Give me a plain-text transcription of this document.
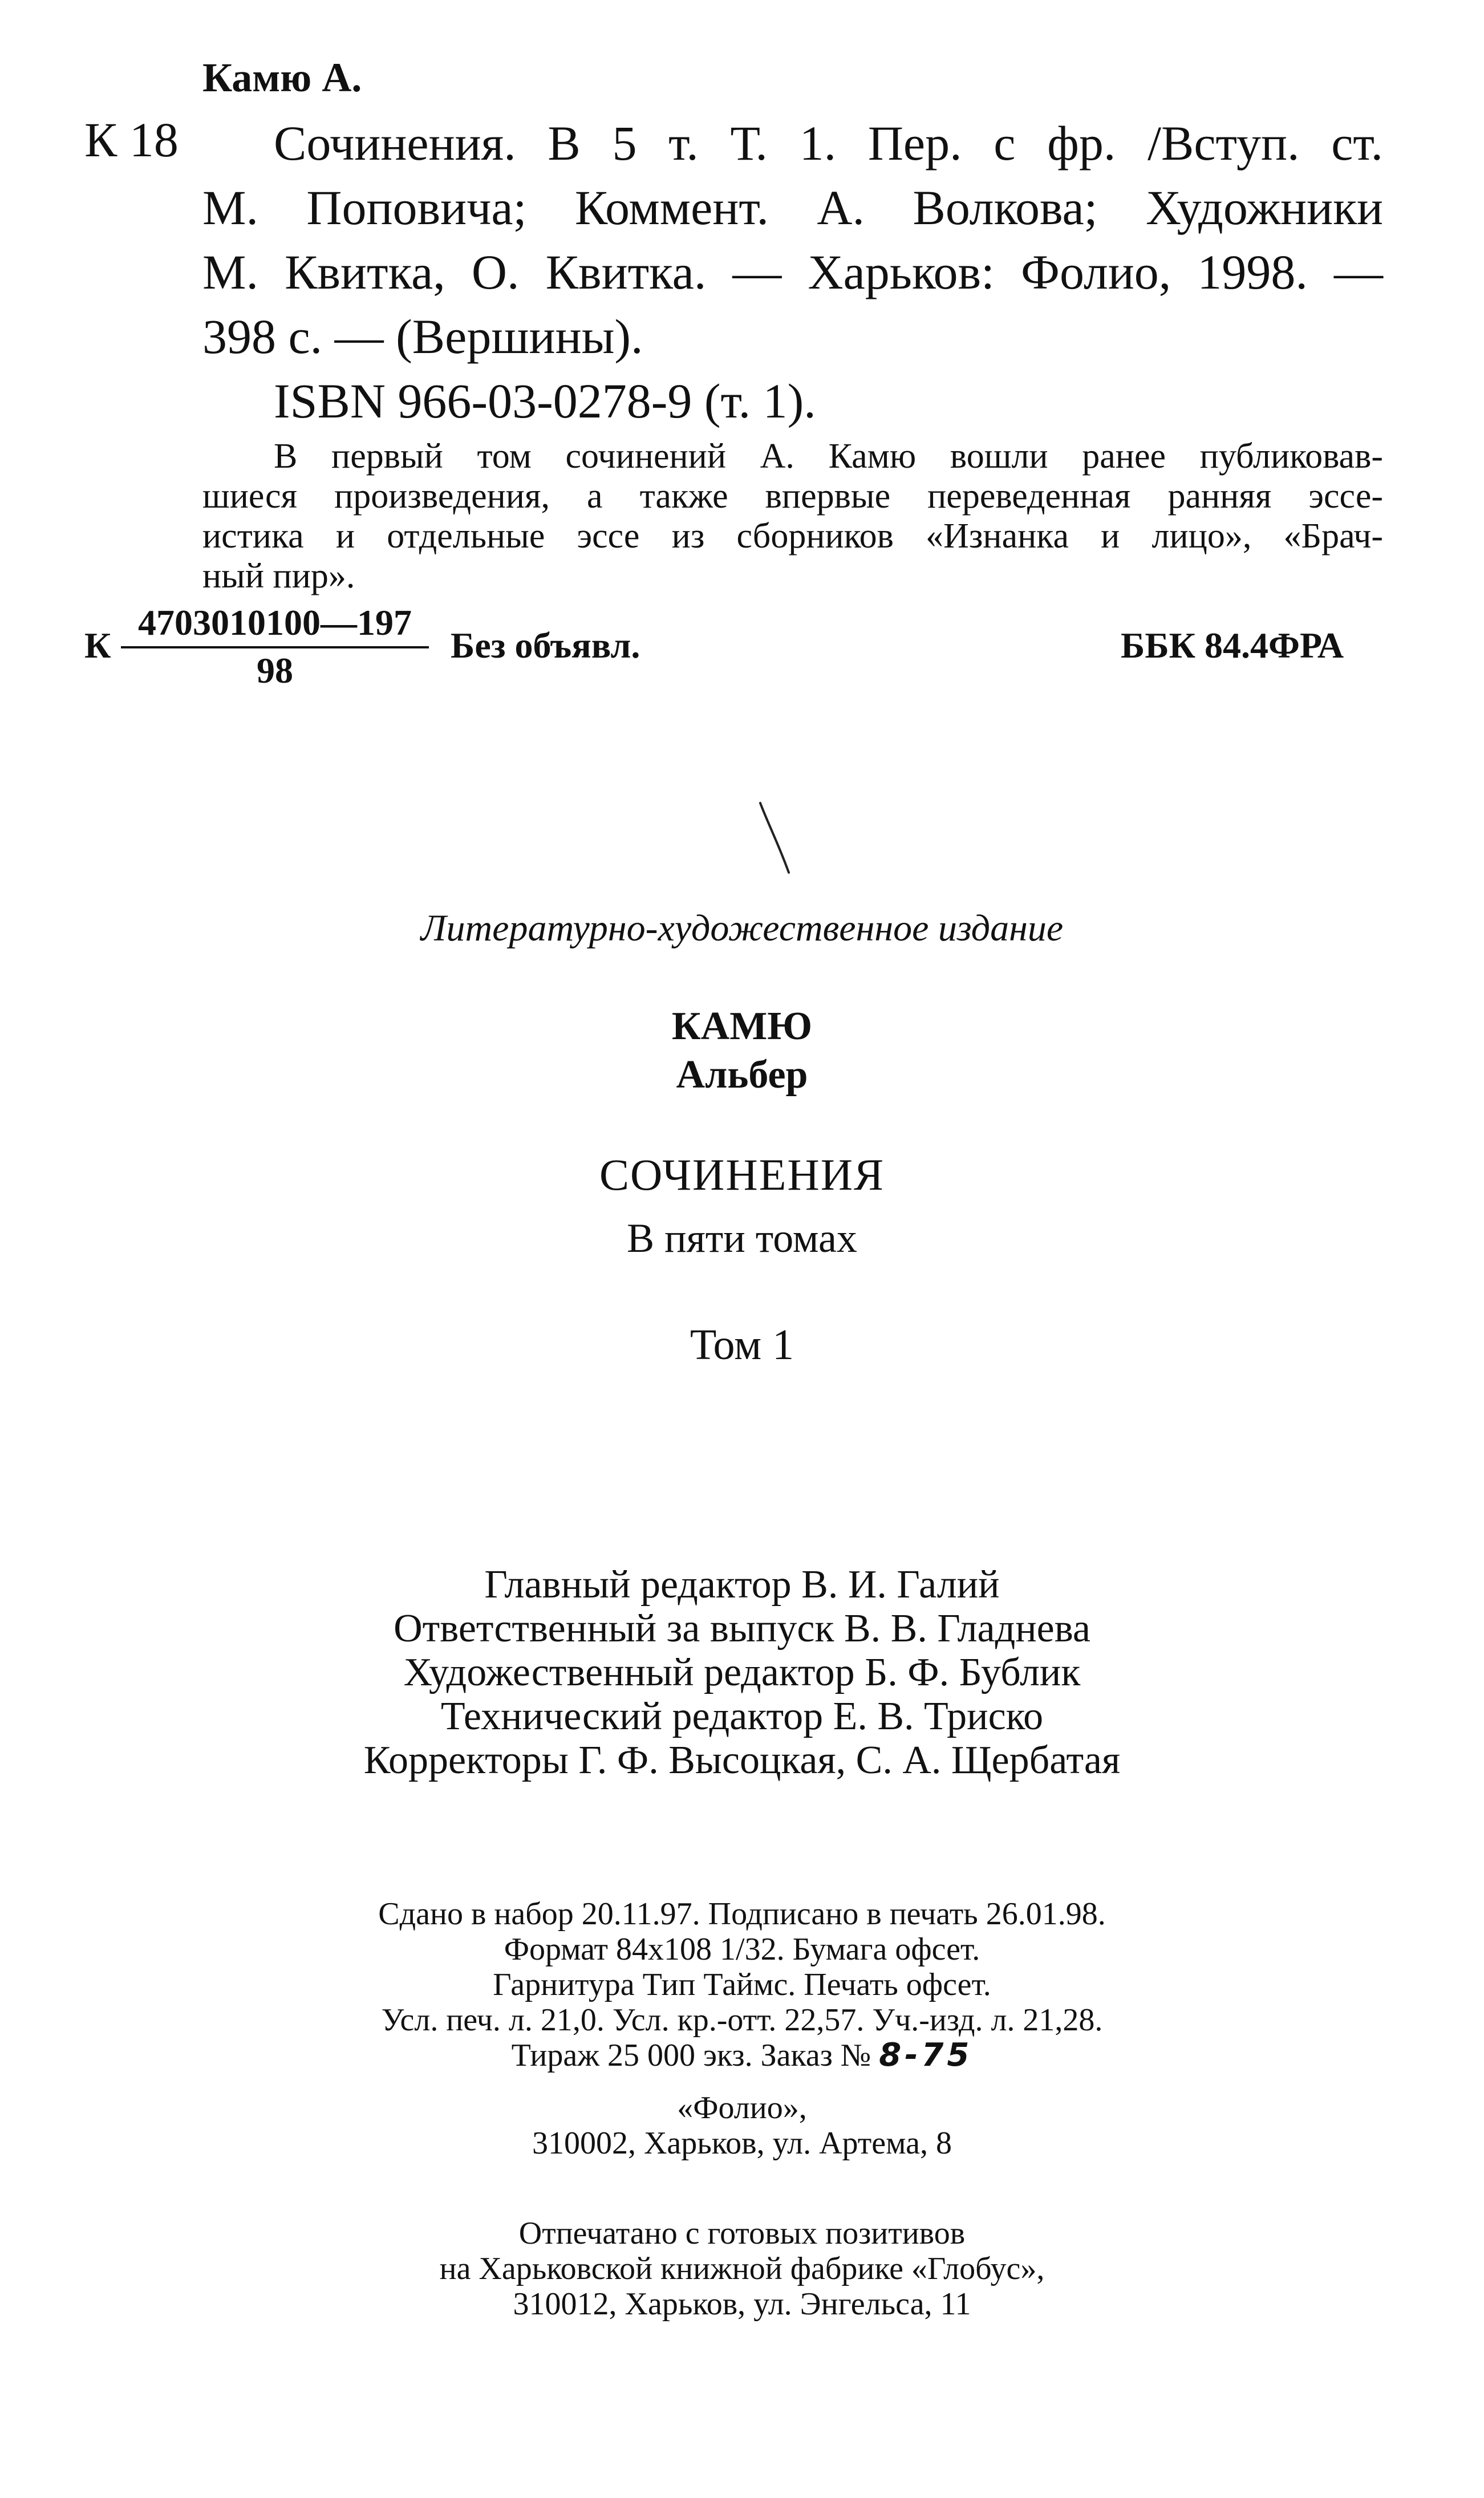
Камю А.
К 18 Сочинения. В 5 т. Т. 1. Пер. с фр. /Вступ. ст.
М. Поповича; Коммент. А. Волкова; Художники
М. Квитка, О. Квитка. — Харьков: Фолио, 1998. —
398 с. — (Вершины).
ISBN 966-03-0278-9 (т. 1).
В первый том сочинений А. Камю вошли ранее публиковав-
шиеся произведения, а также впервые переведенная ранняя эссе-
истика и отдельные эссе из сборников «Изнанка и лицо», «Брач-
ный пир».
К $\frac{4703010100—197}{98}$ Без объявл.	ББК 84.4ФРА
Литературно-художественное издание
КАМЮ
Альбер
СОЧИНЕНИЯ
В пяти томах
Том 1
Главный редактор В. И. Галий
Ответственный за выпуск В. В. Гладнева
Художественный редактор Б. Ф. Бублик
Технический редактор Е. В. Триско
Корректоры Г. Ф. Высоцкая, С. А. Щербатая
Сдано в набор 20.11.97. Подписано в печать 26.01.98.
Формат 84х108 1/32. Бумага офсет.
Гарнитура Тип Таймс. Печать офсет.
Усл. печ. л. 21,0. Усл. кр.-отт. 22,57. Уч.-изд. л. 21,28.
Тираж 25 000 экз. Заказ № 8-75
«Фолио»,
310002, Харьков, ул. Артема, 8
Отпечатано с готовых позитивов
на Харьковской книжной фабрике «Глобус»,
310012, Харьков, ул. Энгельса, 11
